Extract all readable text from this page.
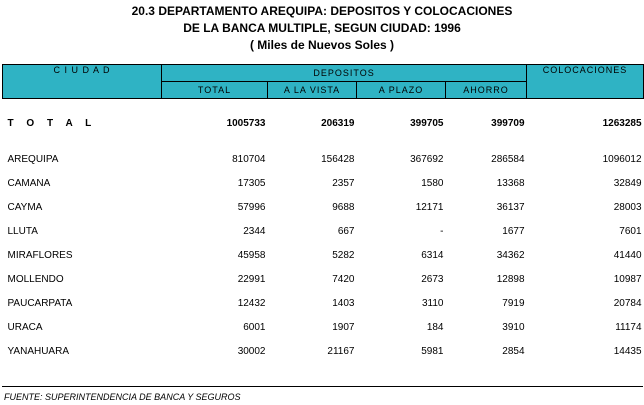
20.3 DEPARTAMENTO AREQUIPA: DEPOSITOS Y COLOCACIONES
DE LA BANCA MULTIPLE, SEGUN CIUDAD: 1996
( Miles de Nuevos Soles )
C I U D A D	DEPOSITOS				COLOCACIONES
	TOTAL	A LA VISTA	A PLAZO	AHORRO	
T O T A L	1005733	206319	399705	399709	1263285

AREQUIPA	810704	156428	367692	286584	1096012
CAMANA	17305	2357	1580	13368	32849
CAYMA	57996	9688	12171	36137	28003
LLUTA	2344	667	-	1677	7601
MIRAFLORES	45958	5282	6314	34362	41440
MOLLENDO	22991	7420	2673	12898	10987
PAUCARPATA	12432	1403	3110	7919	20784
URACA	6001	1907	184	3910	11174
YANAHUARA	30002	21167	5981	2854	14435
FUENTE: SUPERINTENDENCIA DE BANCA Y SEGUROS
